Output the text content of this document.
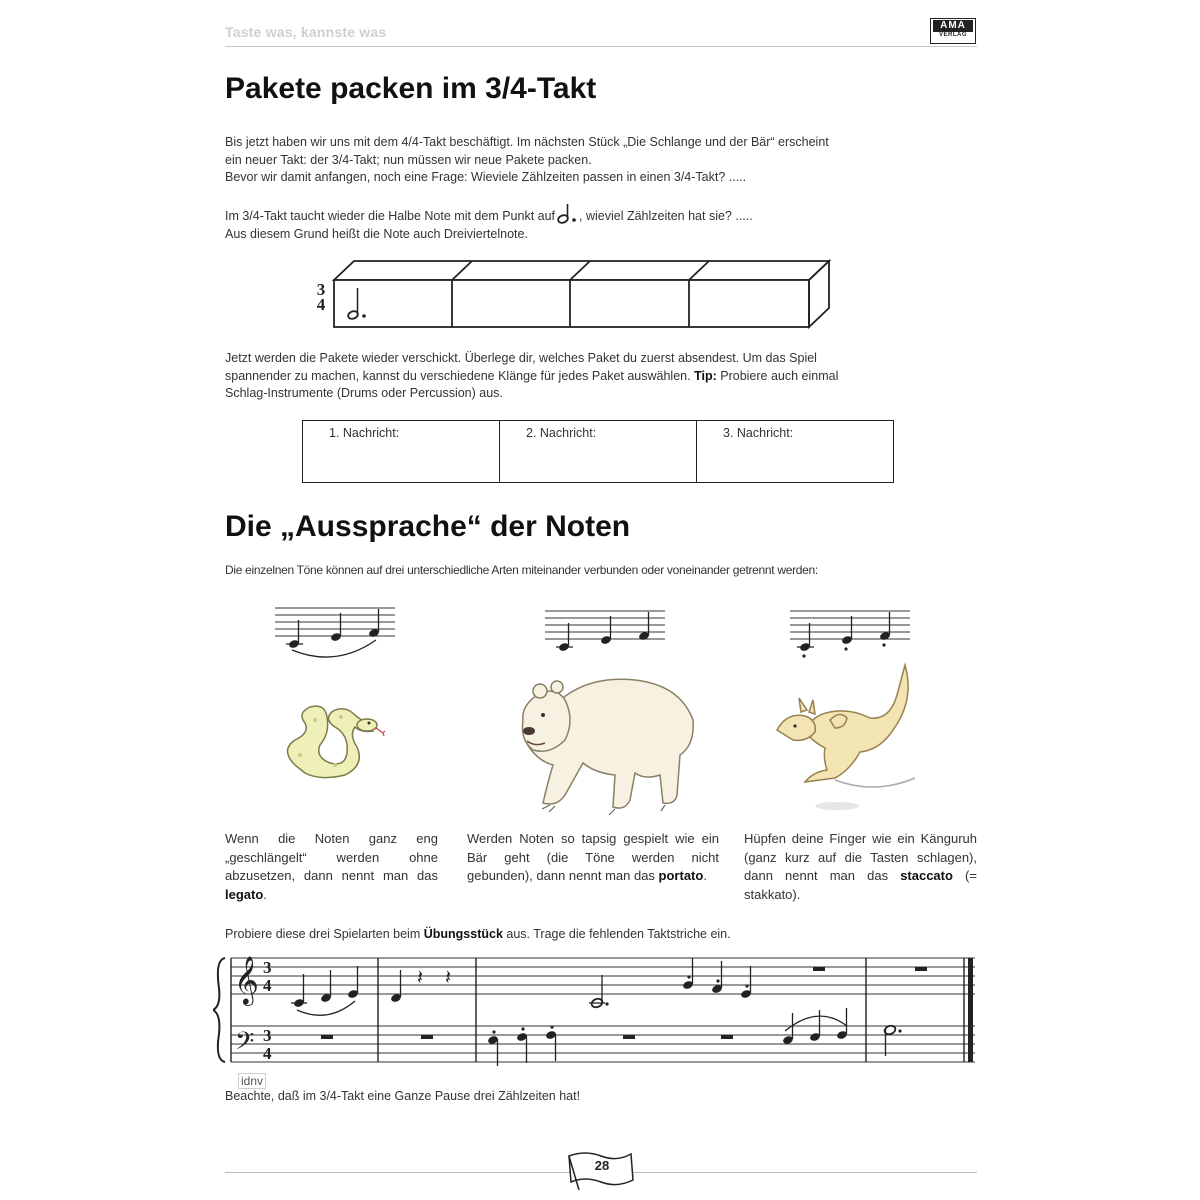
Taste was, kannste was	AMA
VERLAG
Pakete packen im 3/4-Takt
Bis jetzt haben wir uns mit dem 4/4-Takt beschäftigt. Im nächsten Stück „Die Schlange und der Bär“ erscheint
ein neuer Takt: der 3/4-Takt; nun müssen wir neue Pakete packen.
Bevor wir damit anfangen, noch eine Frage: Wieviele Zählzeiten passen in einen 3/4-Takt? .....
Im 3/4-Takt taucht wieder die Halbe Note mit dem Punkt auf , wieviel Zählzeiten hat sie? .....
Aus diesem Grund heißt die Note auch Dreiviertelnote.
3
4
Jetzt werden die Pakete wieder verschickt. Überlege dir, welches Paket du zuerst absendest. Um das Spiel
spannender zu machen, kannst du verschiedene Klänge für jedes Paket auswählen. Tip: Probiere auch einmal
Schlag-Instrumente (Drums oder Percussion) aus.
1. Nachricht:	2. Nachricht:	3. Nachricht:
Die „Aussprache“ der Noten
Die einzelnen Töne können auf drei unterschiedliche Arten miteinander verbunden oder voneinander getrennt werden:
Wenn die Noten ganz eng „geschlängelt“ werden ohne abzusetzen, dann nennt man das legato.
Werden Noten so tapsig gespielt wie ein Bär geht (die Töne werden nicht gebunden), dann nennt man das portato.
Hüpfen deine Finger wie ein Känguruh (ganz kurz auf die Tasten schlagen), dann nennt man das staccato (= stakkato).
Probiere diese drei Spielarten beim Übungsstück aus. Trage die fehlenden Taktstriche ein.
𝄞
𝄢
3
4
3
4
𝄽 𝄽
idnv
Beachte, daß im 3/4-Takt eine Ganze Pause drei Zählzeiten hat!
28
